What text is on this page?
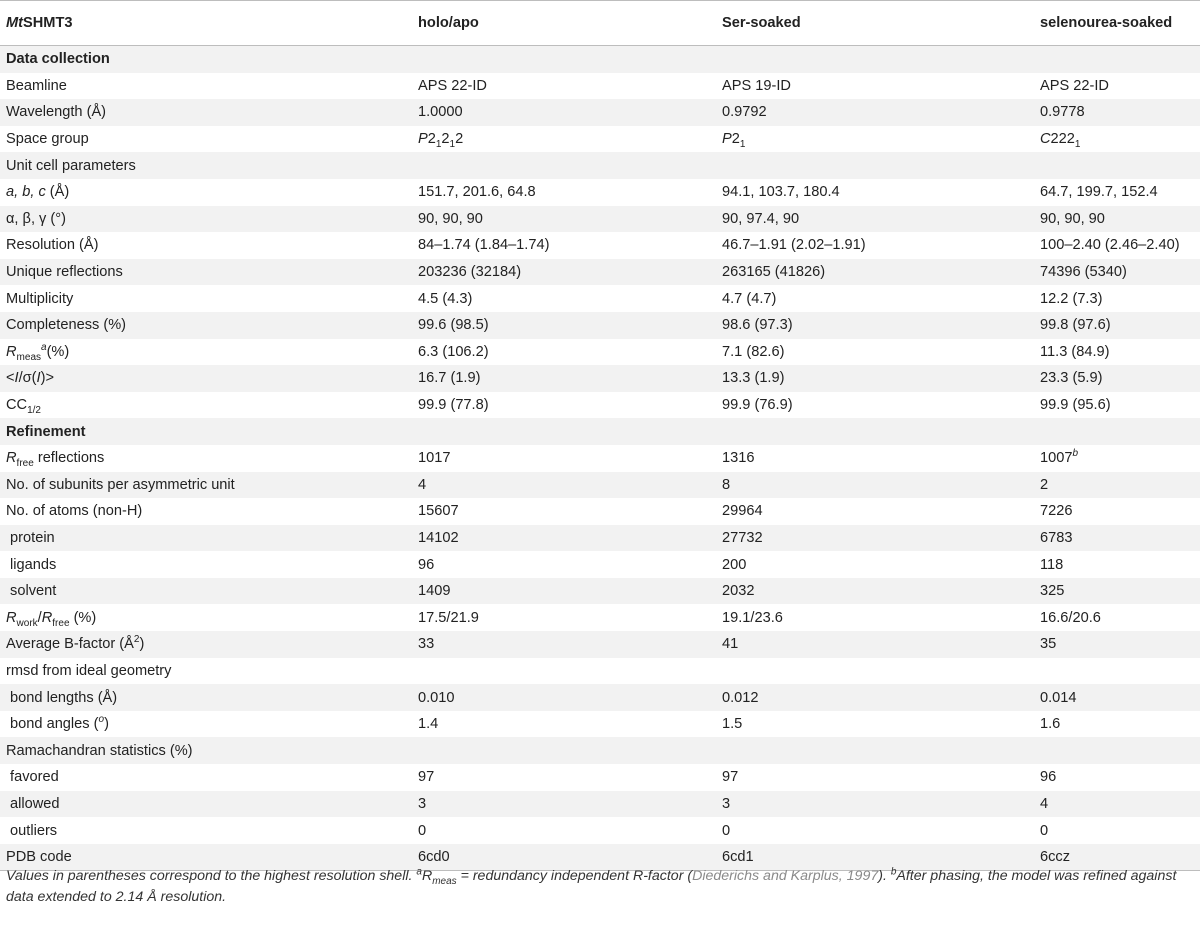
MtSHMT3	holo/apo	Ser-soaked	selenourea-soaked
Data collection			
Beamline	APS 22-ID	APS 19-ID	APS 22-ID
Wavelength (Å)	1.0000	0.9792	0.9778
Space group	$P2_12_12$	$P2_1$	$C222_1$
Unit cell parameters			
a, b, c (Å)	151.7, 201.6, 64.8	94.1, 103.7, 180.4	64.7, 199.7, 152.4
α, β, γ (°)	90, 90, 90	90, 97.4, 90	90, 90, 90
Resolution (Å)	84–1.74 (1.84–1.74)	46.7–1.91 (2.02–1.91)	100–2.40 (2.46–2.40)
Unique reflections	203236 (32184)	263165 (41826)	74396 (5340)
Multiplicity	4.5 (4.3)	4.7 (4.7)	12.2 (7.3)
Completeness (%)	99.6 (98.5)	98.6 (97.3)	99.8 (97.6)
$R_{meas}^a(\%)$	6.3 (106.2)	7.1 (82.6)	11.3 (84.9)
<I/σ(I)>	16.7 (1.9)	13.3 (1.9)	23.3 (5.9)
$CC_{1/2}$	99.9 (77.8)	99.9 (76.9)	99.9 (95.6)
Refinement			
$R_{free}$ reflections	1017	1316	1007$^b$
No. of subunits per asymmetric unit	4	8	2
No. of atoms (non-H)	15607	29964	7226
protein	14102	27732	6783
ligands	96	200	118
solvent	1409	2032	325
$R_{work}/R_{free}$ (%)	17.5/21.9	19.1/23.6	16.6/20.6
Average B-factor $(Å^2)$	33	41	35
rmsd from ideal geometry			
bond lengths (Å)	0.010	0.012	0.014
bond angles ($^o$)	1.4	1.5	1.6
Ramachandran statistics (%)			
favored	97	97	96
allowed	3	3	4
outliers	0	0	0
PDB code	6cd0	6cd1	6ccz
Values in parentheses correspond to the highest resolution shell. $^aR_{meas}$ = redundancy independent R-factor (Diederichs and Karplus, 1997). $^b$After phasing, the model was refined against data extended to 2.14 Å resolution.
